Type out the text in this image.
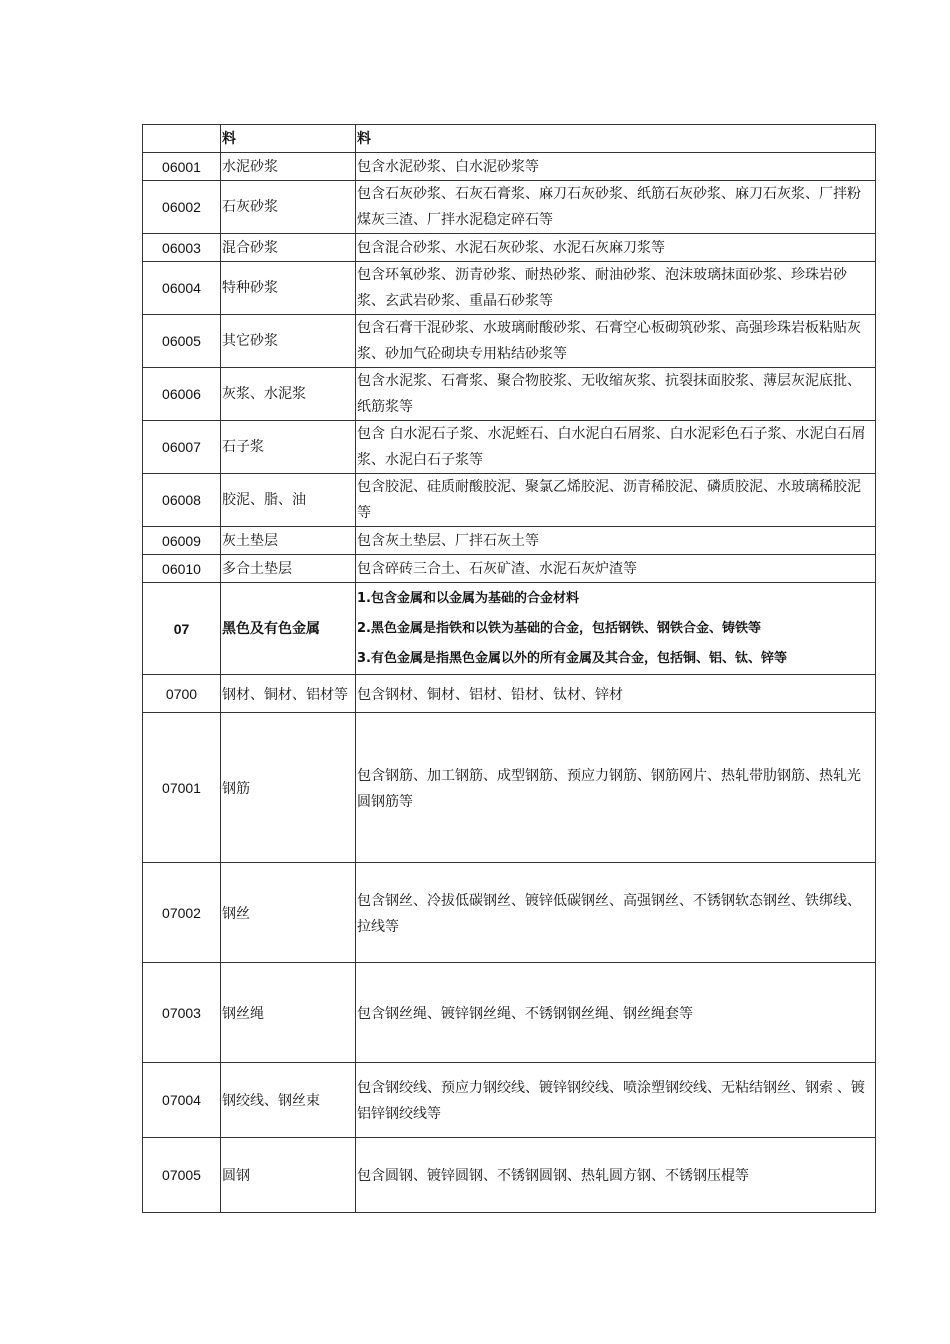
	料	料
06001	水泥砂浆	包含水泥砂浆、白水泥砂浆等
06002	石灰砂浆	包含石灰砂浆、石灰石膏浆、麻刀石灰砂浆、纸筋石灰砂浆、麻刀石灰浆、厂拌粉煤灰三渣、厂拌水泥稳定碎石等
06003	混合砂浆	包含混合砂浆、水泥石灰砂浆、水泥石灰麻刀浆等
06004	特种砂浆	包含环氧砂浆、沥青砂浆、耐热砂浆、耐油砂浆、泡沫玻璃抹面砂浆、珍珠岩砂浆、玄武岩砂浆、重晶石砂浆等
06005	其它砂浆	包含石膏干混砂浆、水玻璃耐酸砂浆、石膏空心板砌筑砂浆、高强珍珠岩板粘贴灰浆、砂加气砼砌块专用粘结砂浆等
06006	灰浆、水泥浆	包含水泥浆、石膏浆、聚合物胶浆、无收缩灰浆、抗裂抹面胶浆、薄层灰泥底批、纸筋浆等
06007	石子浆	包含 白水泥石子浆、水泥蛭石、白水泥白石屑浆、白水泥彩色石子浆、水泥白石屑浆、水泥白石子浆等
06008	胶泥、脂、油	包含胶泥、硅质耐酸胶泥、聚氯乙烯胶泥、沥青稀胶泥、磷质胶泥、水玻璃稀胶泥等
06009	灰土垫层	包含灰土垫层、厂拌石灰土等
06010	多合土垫层	包含碎砖三合土、石灰矿渣、水泥石灰炉渣等
07	黑色及有色金属	1.包含金属和以金属为基础的合金材料
2.黑色金属是指铁和以铁为基础的合金，包括钢铁、钢铁合金、铸铁等
3.有色金属是指黑色金属以外的所有金属及其合金，包括铜、铝、钛、锌等

0700	钢材、铜材、铝材等	包含钢材、铜材、铝材、铅材、钛材、锌材
07001	钢筋	包含钢筋、加工钢筋、成型钢筋、预应力钢筋、钢筋网片、热轧带肋钢筋、热轧光圆钢筋等
07002	钢丝	包含钢丝、冷拔低碳钢丝、镀锌低碳钢丝、高强钢丝、不锈钢软态钢丝、铁绑线、拉线等
07003	钢丝绳	包含钢丝绳、镀锌钢丝绳、不锈钢钢丝绳、钢丝绳套等
07004	钢绞线、钢丝束	包含钢绞线、预应力钢绞线、镀锌钢绞线、喷涂塑钢绞线、无粘结钢丝、钢索 、镀铝锌钢绞线等
07005	圆钢	包含圆钢、镀锌圆钢、不锈钢圆钢、热轧圆方钢、不锈钢压棍等
